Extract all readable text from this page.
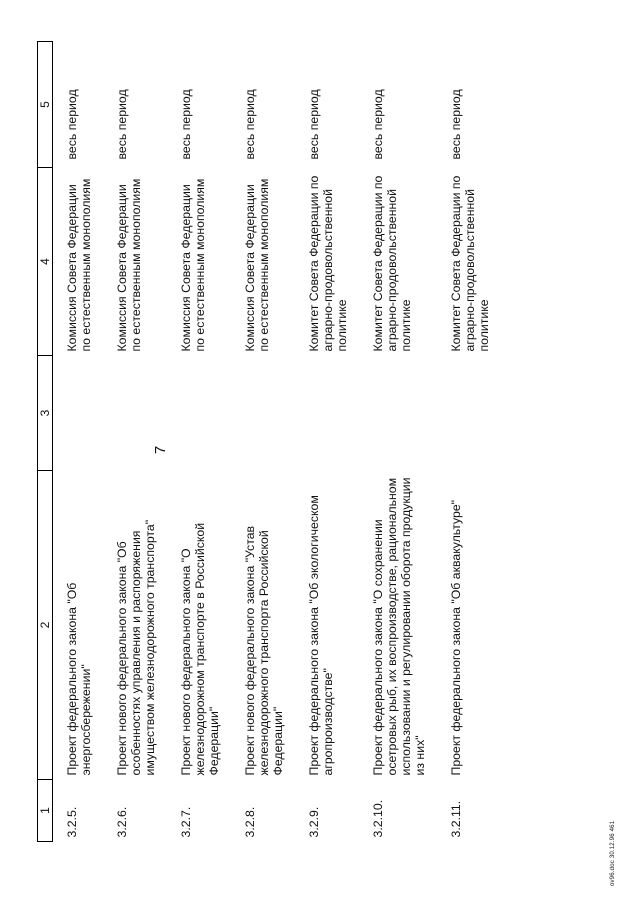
7
1	2	3	4	5
3.2.5.	Проект федерального закона "Об энергосбережении"		Комиссия Совета Федерации по естественным монополиям	весь период
3.2.6.	Проект нового федерального закона "Об особенностях управления и распоряжения имуществом железнодорожного транспорта"		Комиссия Совета Федерации по естественным монополиям	весь период
3.2.7.	Проект нового федерального закона "О железнодорожном транспорте в Российской Федерации"		Комиссия Совета Федерации по естественным монополиям	весь период
3.2.8.	Проект нового федерального закона "Устав железнодорожного транспорта Российской Федерации"		Комиссия Совета Федерации по естественным монополиям	весь период
3.2.9.	Проект федерального закона "Об экологическом агропроизводстве"		Комитет Совета Федерации по аграрно-продовольственной политике	весь период
3.2.10.	Проект федерального закона "О сохранении осетровых рыб, их воспроизводстве, рациональном использовании и регулировании оборота продукции из них"		Комитет Совета Федерации по аграрно-продовольственной политике	весь период
3.2.11.	Проект федерального закона "Об аквакультуре"		Комитет Совета Федерации по аграрно-продовольственной политике	весь период
ov96.doc 30.12.96 461
